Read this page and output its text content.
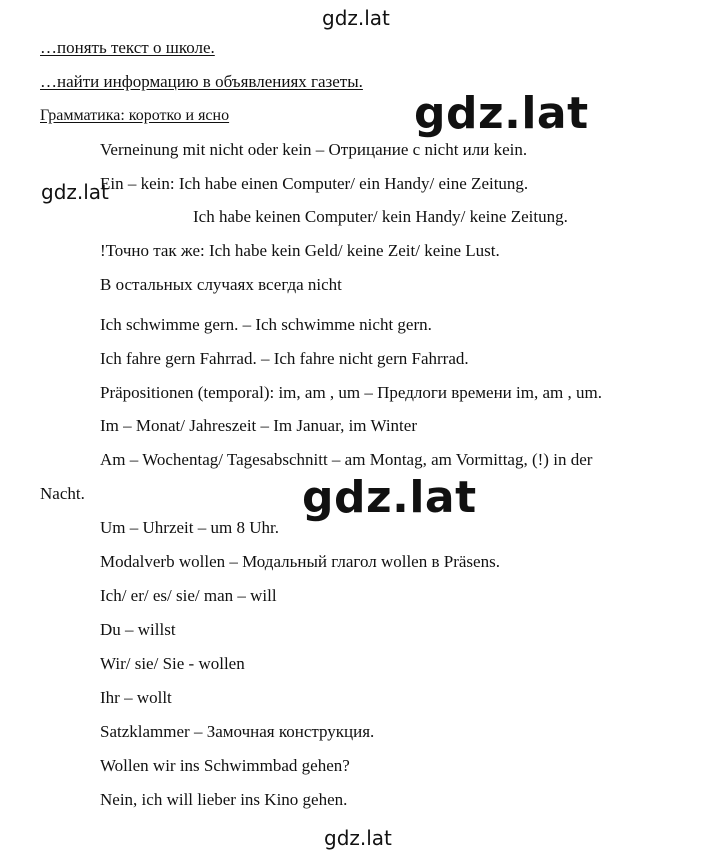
gdz.lat
gdz.lat
gdz.lat
gdz.lat
gdz.lat
…понять текст о школе.
…найти информацию в объявлениях газеты.
Грамматика: коротко и ясно
Verneinung mit nicht oder kein – Отрицание с nicht или kein.
Ein – kein: Ich habe einen Computer/ ein Handy/ eine Zeitung.
Ich habe keinen Computer/ kein Handy/ keine Zeitung.
!Точно так же: Ich habe kein Geld/ keine Zeit/ keine Lust.
В остальных случаях всегда nicht
Ich schwimme gern. – Ich schwimme nicht gern.
Ich fahre gern Fahrrad. – Ich fahre nicht gern Fahrrad.
Präpositionen (temporal): im, am , um – Предлоги времени im, am , um.
Im – Monat/ Jahreszeit – Im Januar, im Winter
Am – Wochentag/ Tagesabschnitt – am Montag, am Vormittag, (!) in der
Nacht.
Um – Uhrzeit – um 8 Uhr.
Modalverb wollen – Модальный глагол wollen в Präsens.
Ich/ er/ es/ sie/ man – will
Du – willst
Wir/ sie/ Sie - wollen
Ihr – wollt
Satzklammer – Замочная конструкция.
Wollen wir ins Schwimmbad gehen?
Nein, ich will lieber ins Kino gehen.
